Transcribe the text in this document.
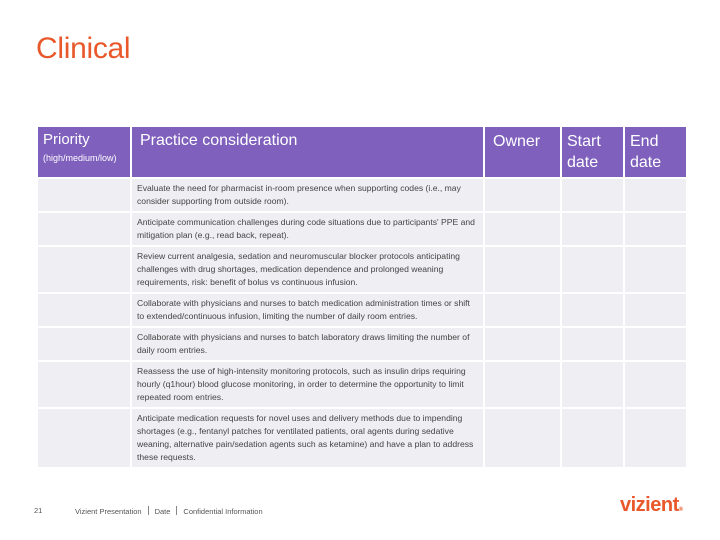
Clinical
Priority
(high/medium/low)	Practice consideration	Owner	Start date	End date
	Evaluate the need for pharmacist in-room presence when supporting codes (i.e., may consider supporting from outside room).			
	Anticipate communication challenges during code situations due to participants' PPE and mitigation plan (e.g., read back, repeat).			
	Review current analgesia, sedation and neuromuscular blocker protocols anticipating challenges with drug shortages, medication dependence and prolonged weaning requirements, risk: benefit of bolus vs continuous infusion.			
	Collaborate with physicians and nurses to batch medication administration times or shift to extended/continuous infusion, limiting the number of daily room entries.			
	Collaborate with physicians and nurses to batch laboratory draws limiting the number of daily room entries.			
	Reassess the use of high-intensity monitoring protocols, such as insulin drips requiring hourly (q1hour) blood glucose monitoring, in order to determine the opportunity to limit repeated room entries.			
	Anticipate medication requests for novel uses and delivery methods due to impending shortages (e.g., fentanyl patches for ventilated patients, oral agents during sedative weaning, alternative pain/sedation agents such as ketamine) and have a plan to address these requests.			
21	Vizient Presentation Date Confidential Information	vizient®
